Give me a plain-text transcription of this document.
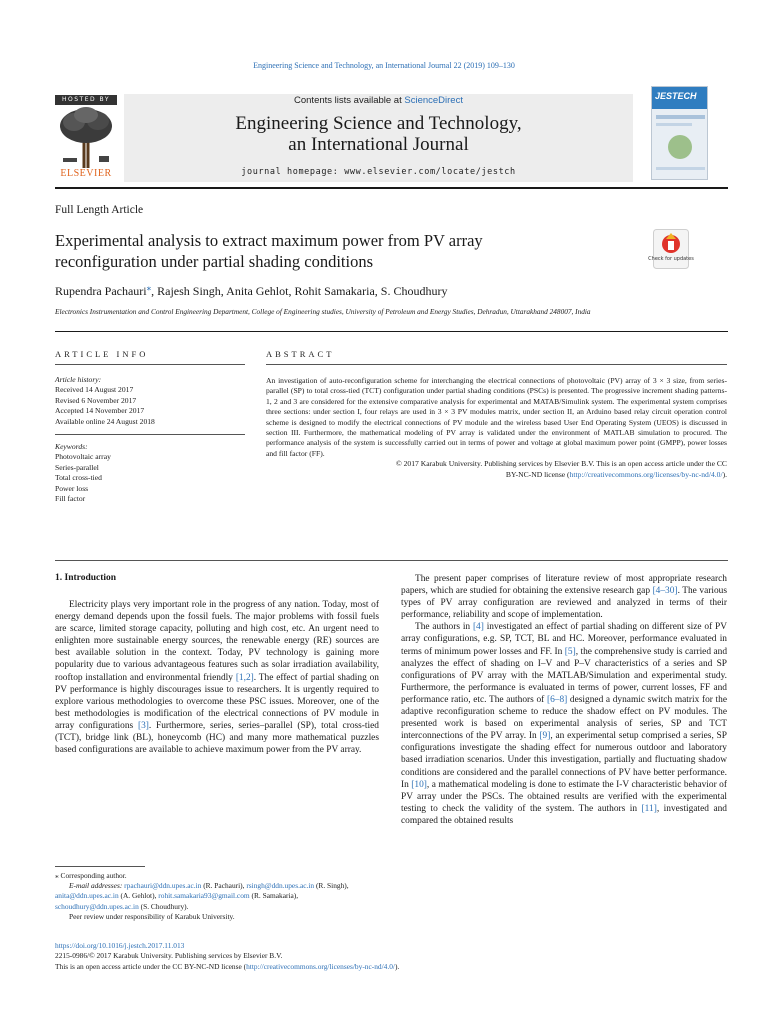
Engineering Science and Technology, an International Journal 22 (2019) 109–130
HOSTED BY
ELSEVIER
Contents lists available at ScienceDirect
Engineering Science and Technology,
an International Journal
journal homepage: www.elsevier.com/locate/jestch
JESTECH
Full Length Article
Experimental analysis to extract maximum power from PV array
reconfiguration under partial shading conditions	Check for updates
Rupendra Pachauri⁎, Rajesh Singh, Anita Gehlot, Rohit Samakaria, S. Choudhury
Electronics Instrumentation and Control Engineering Department, College of Engineering studies, University of Petroleum and Energy Studies, Dehradun, Uttarakhand 248007, India
ARTICLE INFO
Article history:
Received 14 August 2017
Revised 6 November 2017
Accepted 14 November 2017
Available online 24 August 2018
Keywords:
Photovoltaic array
Series-parallel
Total cross-tied
Power loss
Fill factor
ABSTRACT
An investigation of auto-reconfiguration scheme for interchanging the electrical connections of photovoltaic (PV) array of 3 × 3 size, from series-parallel (SP) to total cross-tied (TCT) configuration under partial shading conditions (PSCs) is presented. The progressive increment shading patterns- 1, 2 and 3 are considered for the extensive comparative analysis for experimental and MATAB/Simulink system. The experimental system comprises three sections: under section I, four relays are used in 3 × 3 PV modules matrix, under section II, an Arduino based relay circuit operation control scheme is designed to modify the electrical connections of PV module and the wireless based User End Operating System (UEOS) is discussed in section III. Furthermore, the mathematical modeling of PV array is validated under the environment of MATLAB simulation to procured. The performance analysis of the system is successfully carried out in terms of power and voltage at global maximum power point (GMPP), power losses and fill factor (FF).
© 2017 Karabuk University. Publishing services by Elsevier B.V. This is an open access article under the CC
BY-NC-ND license (http://creativecommons.org/licenses/by-nc-nd/4.0/).
1. Introduction

Electricity plays very important role in the progress of any nation. Today, most of energy demand depends upon the fossil fuels. The major problems with fossil fuels are scarce, limited storage capacity, polluting and high cost, etc. An urgent need to enlighten more sustainable energy sources, the renewable energy (RE) sources are best available solution in the context. Today, PV technology is gaining more popularity due to various advantageous features such as solar irradiation availability, rooftop installation and environmental friendly [1,2]. The effect of partial shading on PV performance is highly discourages issue to researchers. It is urgently required to explore various methodologies to overcome these PSC issues. Moreover, one of the best methodologies is modification of the electrical connections of PV module in array configurations [3]. Furthermore, series, series–parallel (SP), total cross-tied (TCT), bridge link (BL), honeycomb (HC) and many more mathematical puzzles based configurations are available to achieve maximum power from the PV array.

The present paper comprises of literature review of most appropriate research papers, which are studied for obtaining the extensive research gap [4–30]. The various types of PV array configuration are reviewed and analyzed in terms of their performance, reliability and scope of implementation.

The authors in [4] investigated an effect of partial shading on different size of PV array configurations, e.g. SP, TCT, BL and HC. Moreover, performance evaluated in terms of minimum power losses and FF. In [5], the comprehensive study is carried and analyzes the effect of shading on I–V and P–V characteristics of a series and SP configurations of PV array with the MATLAB/Simulation and experimental study. Furthermore, the performance is evaluated in terms of power, current losses, FF and performance ratio, etc. The authors of [6–8] designed a dynamic switch matrix for the adaptive reconfiguration scheme to reduce the shadow effect on PV modules. The presented work is based on experimental analysis of series, SP and TCT interconnections of the PV array. In [9], an experimental setup comprised a series, SP configurations investigate the shading effect for numerous outdoor and laboratory based irradiation scenarios. Under this investigation, partially and fluctuating shadow conditions are considered and the parallel connections of PV have better performance. In [10], a mathematical modeling is done to estimate the I-V characteristic behavior of PV array under the PSCs. The obtained results are verified with the experimental testing to check the validity of the system. The authors in [11], investigated and compared the obtained results

⁎ Corresponding author.
E-mail addresses: rpachauri@ddn.upes.ac.in (R. Pachauri), rsingh@ddn.upes.ac.in (R. Singh), anita@ddn.upes.ac.in (A. Gehlot), rohit.samakaria93@gmail.com (R. Samakaria), schoudhury@ddn.upes.ac.in (S. Choudhury).
Peer review under responsibility of Karabuk University.
https://doi.org/10.1016/j.jestch.2017.11.013
2215-0986/© 2017 Karabuk University. Publishing services by Elsevier B.V.
This is an open access article under the CC BY-NC-ND license (http://creativecommons.org/licenses/by-nc-nd/4.0/).
